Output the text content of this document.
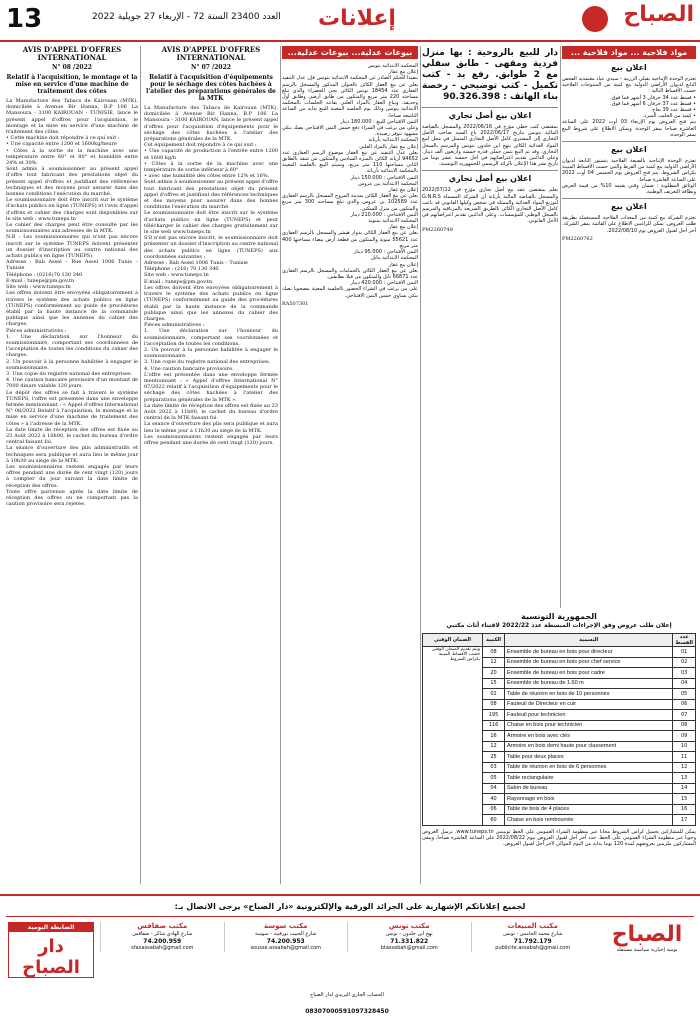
13	العدد 23400 السنة 72 - الإربعاء 27 جويلية 2022 إعلانات	الصباح
AVIS D'APPEL D'OFFRES INTERNATIONAL
N° 08 /2022
Relatif à l'acquisition, le montage et la mise en service d'une machine de traitement des côtes
La Manufacture des Tabacs de Kairouan (MTK), domiciliée à Avenue Bir Hanna, B.P 106 La Mansoura - 3100 KAIROUAN - TUNISIE, lance le présent appel d'offres pour l'acquisition, le montage et la mise en service d'une machine de traitement des côtes.
• Cette machine doit répondre à ce qui suit :
• Une capacité entre 1200 et 1600kg/heure
• Côtes à la sortie de la machine avec une température entre 60° et 80° et humidité entre 24% et 30%.
Sont admis à soumissionner au présent appel d'offre tout fabricant des prestations objet du présent appel d'offres et justifiant des références techniques et des moyens pour assurer dans des bonnes conditions l'exécution du marché.
Le soumissionnaire doit être inscrit sur le système d'achats publics en ligne (TUNEPS) et l'avis d'appel d'offres et cahier des charges sont disponibles sur le site web : www.tuneps.tn
Le cahier des charges peut être consulté par les soumissionnaires aux adresses de la MTK.
N.B : Les soumissionnaires qui n'ont pas encore inscrit sur le système TUNEPS doivent présenter un dossier d'inscription au centre national des achats publics en ligne (TUNEPS).
Adresse : Bab Assel – Rue Assel 1006 Tunis – Tunisie
Téléphone : (0216)70 130 340
E-mail : tuneps@pm.gov.tn
Site web : www.tuneps.tn
Les offres doivent être envoyées obligatoirement à travers le système des achats publics en ligne (TUNEPS) conformément au guide de procédures établi par la haute instance de la commande publique ainsi que les annexes du cahier des charges.
Pièces administratives :
1. Une déclaration sur l'honneur du soumissionnaire, comportant ses coordonnées de l'acceptation de toutes les conditions du cahier des charges.
2. Un pouvoir à la personne habilitée à engager le soumissionnaire.
3. Une copie du registre national des entreprises.
4. Une caution bancaire provisoire d'un montant de 7000 dinars valable 120 jours.
Le dépôt des offres se fait à travers le système TUNEPS, l'offre est présentée dans une enveloppe fermée mentionnant : « Appel d'offres International N° 08/2022 Relatif à l'acquisition, le montage et la mise en service d'une machine de traitement des côtes » à l'adresse de la MTK.
La date limite de réception des offres est fixée au 23 Août 2022 à 10h00, le cachet du bureau d'ordre central faisant foi.
La séance d'ouverture des plis administratifs et techniques sera publique et aura lieu le même jour à 10h30 au siège de la MTK.
Les soumissionnaires restent engagés par leurs offres pendant une durée de cent vingt (120) jours à compter du jour suivant la date limite de réception des offres.
Toute offre parvenue après la date limite de réception des offres ou ne comportant pas la caution provisoire sera rejetée.
AVIS D'APPEL D'OFFRES INTERNATIONAL
N° 07 /2022
Relatif à l'acquisition d'équipements pour le séchage des côtes hachées à l'atelier des préparations générales de la MTK
La Manufacture des Tabacs de Kairouan (MTK), domiciliée à Avenue Bir Hanna, B.P 106 La Mansoura - 3100 KAIROUAN, lance le présent appel d'offres pour l'acquisition d'équipements pour le séchage des côtes hachées à l'atelier des préparations générales de la MTK.
Cet équipement doit répondre à ce qui suit :
• Une capacité de production à l'entrée entre 1200 et 1600 kg/h
• Côtes à la sortie de la machine avec une température de sortie inférieur à 60°
• avec une humidité des côtes entre 12% et 16%.
Sont admis à soumissionner au présent appel d'offre tout fabricant des prestations objet du présent appel d'offres et justifiant des références techniques et des moyens pour assurer dans des bonnes conditions l'exécution du marché.
Le soumissionnaire doit être inscrit sur le système d'achats publics en ligne (TUNEPS) et peut télécharger le cahier des charges gratuitement sur le site web www.tuneps.tn
S'il n'est pas encore inscrit, le soumissionnaire doit présenter un dossier d'inscription au centre national des achats publics en ligne (TUNEPS) aux coordonnées suivantes :
Adresse : Bab Assel 1006 Tunis – Tunisie
Téléphone : (216) 70 130 340
Site web : www.tuneps.tn
E-mail : tuneps@pm.gov.tn
Les offres doivent être envoyées obligatoirement à travers le système des achats publics en ligne (TUNEPS) conformément au guide des procédures établi par la haute instance de la commande publique ainsi que les annexes du cahier des charges.
Pièces administratives :
1. Une déclaration sur l'honneur du soumissionnaire, comportant ses coordonnées et l'acceptation de toutes les conditions.
2. Un pouvoir à la personne habilitée à engager le soumissionnaire.
3. Une copie du registre national des entreprises.
4. Une caution bancaire provisoire.
L'offre est présentée dans une enveloppe fermée mentionnant : « Appel d'offres International N° 07/2022 relatif à l'acquisition d'équipements pour le séchage des côtes hachées à l'atelier des préparations générales de la MTK ».
La date limite de réception des offres est fixée au 23 Août 2022 à 11h00, le cachet du bureau d'ordre central de la MTK faisant foi.
La séance d'ouverture des plis sera publique et aura lieu le même jour à 11h30 au siège de la MTK.
Les soumissionnaires restent engagés par leurs offres pendant une durée de cent vingt (120) jours.
بيوعات عدلية... بيوعات عدلية...
المحكمة الابتدائية بتونس
إعلان بيع عقار
تنفيذا للحكم الصادر عن المحكمة الابتدائية بتونس فإن عدل التنفيذ يعلن عن بيع العقار الكائن بالعنوان المذكور والمسجل بالرسم العقاري عدد 18454 تونس الكائن بحي الخضراء والذي تبلغ مساحته 220 متر مربع والمتكون من طابق أرضي وطابق أول وحديقة. ويباع العقار بالمزاد العلني بقاعة الجلسات بالمحكمة الابتدائية بتونس وذلك يوم الجلسة المعينة للبيع بداية من الساعة التاسعة صباحا.
الثمن الافتتاحي للبيع : 180.000 دينار
وعلى من يرغب في الشراء دفع خمس الثمن الافتتاحي بصك بنكي مشهود بتوفر رصيده.
المحكمة الابتدائية بأريانة
إعلان بيع عقار بالمزاد العلني
يعلن عدل التنفيذ عن بيع العقار موضوع الرسم العقاري عدد 94652 أريانة الكائن بالمنزه السادس والمتكون من شقة بالطابق الثاني مساحتها 110 متر مربع. وسيتم البيع بالجلسة المعينة بالمحكمة الابتدائية بأريانة.
الثمن الافتتاحي : 150.000 دينار
المحكمة الابتدائية ببن عروس
إعلان بيع عقار
يعلن عن بيع العقار الكائن بمدينة المروج المسجل بالرسم العقاري عدد 102589 بن عروس والذي تبلغ مساحته 300 متر مربع والمتكون من منزل للسكنى.
الثمن الافتتاحي : 210.000 دينار
المحكمة الابتدائية بمنوبة
إعلان بيع عقار
يعلن عن بيع العقار الكائن بدوار هيشر والمسجل بالرسم العقاري عدد 55621 منوبة والمتكون من قطعة أرض بيضاء مساحتها 400 متر مربع.
الثمن الافتتاحي : 95.000 دينار
المحكمة الابتدائية بنابل
إعلان بيع عقار
يعلن عن بيع العقار الكائن بالحمامات والمسجل بالرسم العقاري عدد 66871 نابل والمتكون من فيلا بطابقين.
الثمن الافتتاحي : 420.000 دينار
على من يرغب في الشراء الحضور بالجلسة المعينة مصحوبا بصك بنكي يساوي خمس الثمن الافتتاحي.
RA507301
دار للبيع بالروحية : بها منزل فردية ومقهى - طابق سفلي مع 2 طوابق. رفع يد - كتب تكميل - كتب توضيحي - رخصة بناء الهاتف : 90.326.398
اعلان بيع أصل تجاري
بمقتضى كتب خطي مؤرخ في 2022/06/16 والمسجل بالقباضة المالية بتونس بتاريخ 2022/06/17 باع السيد صاحب الأصل التجاري إلى المشتري كامل الأصل التجاري المتمثل في محل لبيع المواد الغذائية الكائن بنهج ابن خلدون بتونس والمرسم بالسجل التجاري. وقد تم البيع بثمن جملي قدره خمسة وأربعون ألف دينار. وعلى الدائنين تقديم اعتراضاتهم في أجل خمسة عشر يوما من تاريخ نشر هذا الإعلان بالرائد الرسمي للجمهورية التونسية.
اعلان بيع أصل تجاري
يعلم بمقتضى عقد بيع أصل تجاري مؤرخ في 2022/07/12 والمسجل بالقباضة المالية بأريانة أن الشركة المسماة G.N.R.S لتوزيع المواد الغذائية والممثلة في شخص وكيلها القانوني قد باعت كامل الأصل التجاري الكائن بالطريق السريعة بالمرناقية والمرسم بالسجل الوطني للمؤسسات. وعلى الدائنين تقديم اعتراضاتهم في الأجل القانوني.
PM2260749
مواد فلاحية ... مواد فلاحية ...
اعلان بيع
تعتزم الوحدة الإنتاجية بفيلي الزريبة - سيدي عياد معتمدية الفحص التابع لديوان الأراضي الدولية بيع كمية من المنتوجات الفلاحية حسب الأقساط التالية :
• قسط عدد 34 خرفان 3 أشهر فما فوق.
• قسط عدد 37 خرفان 6 أشهر فما فوق.
• قسط عدد 39 نعاج.
• كمية من الحليب المبرد.
يتم فتح العروض يوم الإربعاء 03 أوت 2022 على الساعة العاشرة صباحا بمقر الوحدة. ويمكن الاطلاع على شروط البيع بمقر الوحدة.
اعلان بيع
تعتزم الوحدة الإنتاجية بالضيعة الفلاحية بتستور التابعة لديوان الأراضي الدولية بيع كمية من القرط والتبن حسب الأقساط المبينة بكراس الشروط. يتم فتح العروض يوم الخميس 04 أوت 2022 على الساعة العاشرة صباحا.
الوثائق المطلوبة : ضمان وقتي بقيمة 10% من قيمة العرض وبطاقة التعريف الوطنية.
اعلان بيع
تعتزم الشركة بيع كمية من المعدات الفلاحية المستعملة بطريقة طلب العروض. يمكن للراغبين الاطلاع على القائمة بمقر الشركة. آخر أجل لقبول العروض يوم 2022/08/10.
PM2260762
الجمهورية التونسية
إعلان طلب عروض وفق الإجراءات المبسطة عدد 2022/22 لاقتناء أثاث مكتبي
عدد القسط	التسمية	الكمية	الضمان الوقتي
01	Ensemble de bureau en bois pour directeur	08	ويتم تقديم الضمان الوقتي حسب الأقساط المبينة بكراس الشروط
02	Ensemble de bureau en bois pour chef service	12	
03	Ensemble de bureau en bois pour cadre	20	
04	Ensemble de bureau de 1.60 m	15	
05	Table de réunion en bois de 10 personnes	02	
06	Fauteuil de Directeur en cuir	08	
07	Fauteuil pour technicien	195	
08	Chaise en bois pour technicien	116	
09	Armoire en bois avec clés	16	
10	Armoire en bois demi haute pour classement	12	
11	Table pour deux places	25	
12	Table de réunion en bois de 6 personnes	03	
13	Table rectangulaire	05	
14	Salon de bureau	04	
15	Rayonnage en bois	40	
16	Table de bois de 4 places	06	
17	Chaise en bois rembourrée	60	
يمكن للمشاركين تحميل كراس الشروط مجانا عبر منظومة الشراء العمومي على الخط تونيبس www.tuneps.tn. ترسل العروض وجوبا عبر منظومة الشراء العمومي على الخط. حدد آخر أجل لقبول العروض بيوم 2022/08/22 على الساعة العاشرة صباحا. ويبقى المشاركون ملزمين بعروضهم لمدة 120 يوما بداية من اليوم الموالي لآخر أجل لقبول العروض.
لجميع إعلاناتكم الإشهارية على الجرائد الورقية والإلكترونية «دار الصباح» يرجى الاتصال بـ:
الضابطة اليومية
دار الصباح
مكتب المبيعات
شارع محمد الخامس - تونس
71.792.179
publicite.assabah@gmail.com
مكتب تونس
نهج ابن خلدون - تونس
71.331.822
btassabah@gmail.com
مكتب سوسة
شارع الحبيب بورقيبة - سوسة
74.200.953
sousse.assabah@gmail.com
مكتب صفاقس
شارع الهادي شاكر - صفاقس
74.200.959
sfaxassabah@gmail.com
الصباح
يومية إخبارية سياسية مستقلة
الحساب الجاري البريدي لدار الصباح
08307000591097328450
